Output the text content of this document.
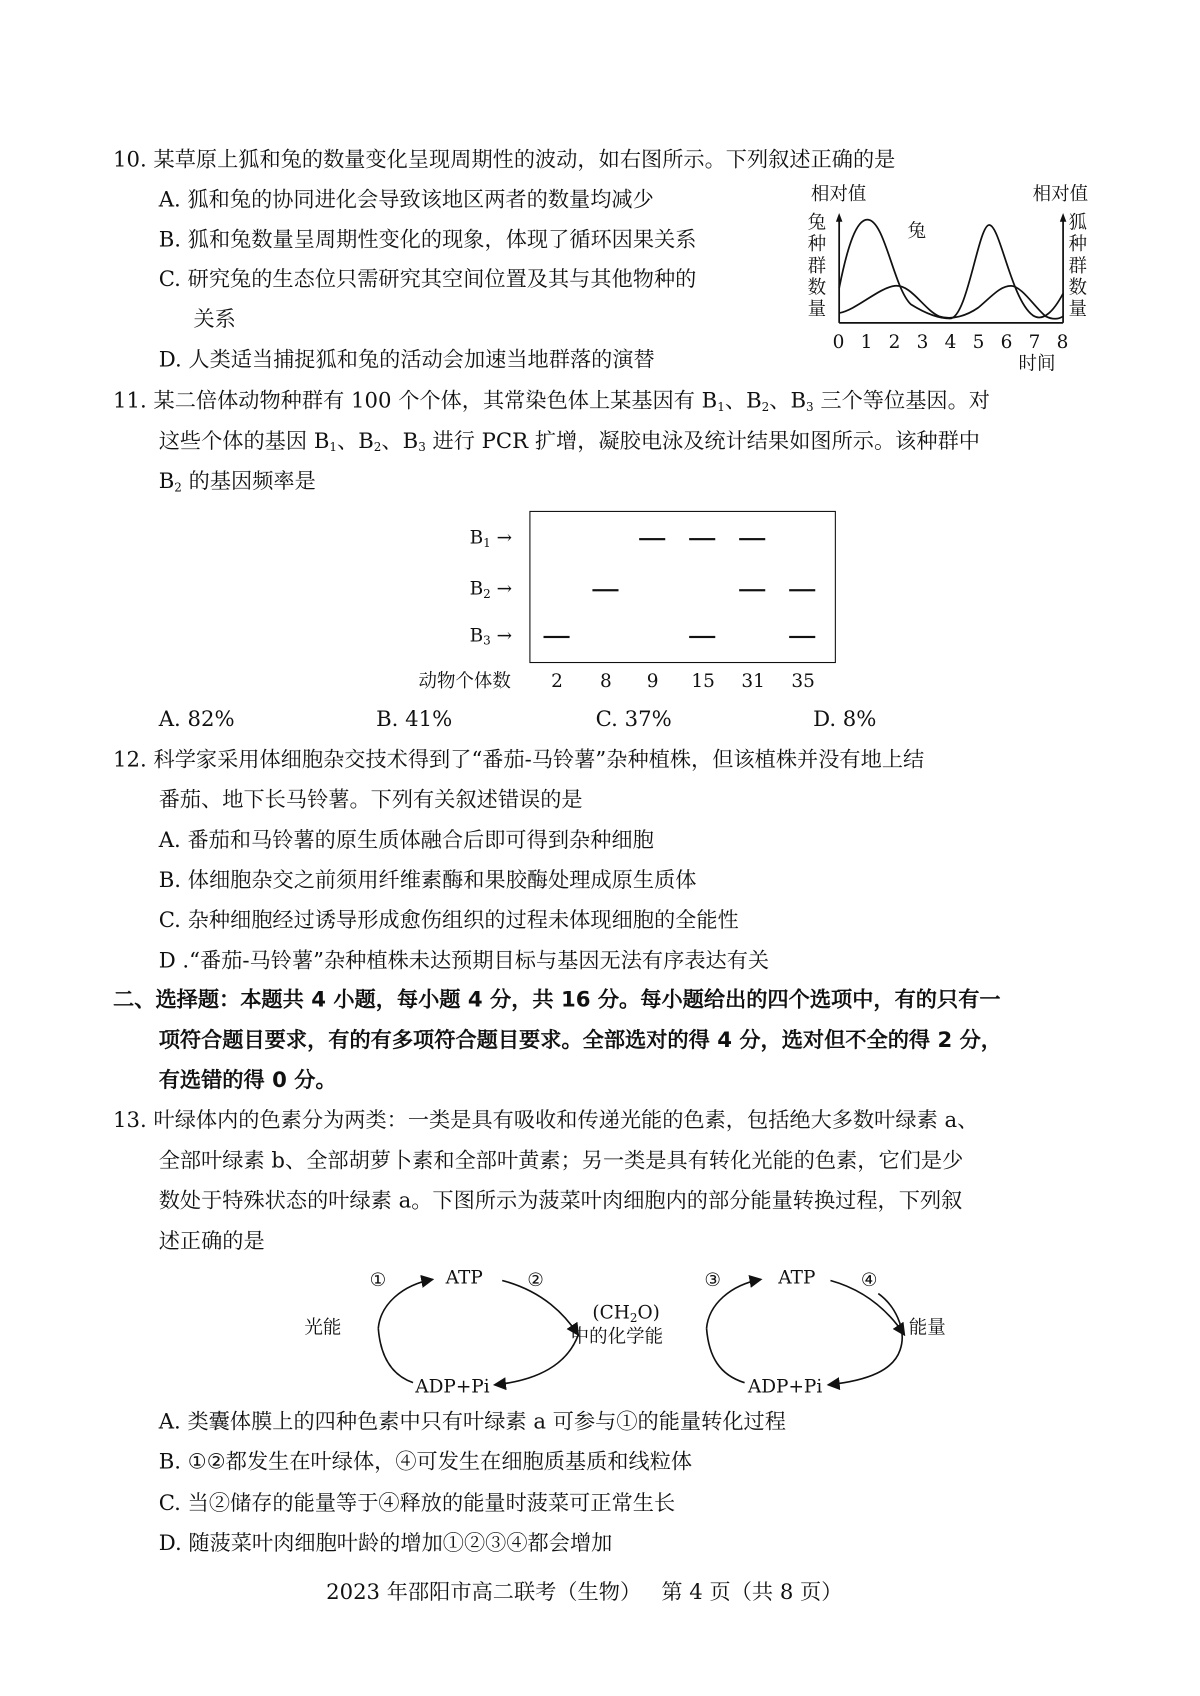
10. 某草原上狐和兔的数量变化呈现周期性的波动，如右图所示。下列叙述正确的是
A. 狐和兔的协同进化会导致该地区两者的数量均减少
B. 狐和兔数量呈周期性变化的现象，体现了循环因果关系
C. 研究兔的生态位只需研究其空间位置及其与其他物种的
关系
D. 人类适当捕捉狐和兔的活动会加速当地群落的演替
相对值	相对值
兔
种
群
数
量
狐
种
群
数
量
兔
0 1 2 3 4 5 6 7 8
时间
11. 某二倍体动物种群有 100 个个体，其常染色体上某基因有 $B_1$、$B_2$、$B_3$ 三个等位基因。对
这些个体的基因 $B_1$、$B_2$、$B_3$ 进行 PCR 扩增，凝胶电泳及统计结果如图所示。该种群中
$B_2$ 的基因频率是
$B_1$ →
$B_2$ →
$B_3$ →
动物个体数 2 8 9 15 31 35
A. 82%	B. 41%	C. 37%	D. 8%
12. 科学家采用体细胞杂交技术得到了“番茄-马铃薯”杂种植株，但该植株并没有地上结
番茄、地下长马铃薯。下列有关叙述错误的是
A. 番茄和马铃薯的原生质体融合后即可得到杂种细胞
B. 体细胞杂交之前须用纤维素酶和果胶酶处理成原生质体
C. 杂种细胞经过诱导形成愈伤组织的过程未体现细胞的全能性
D .“番茄-马铃薯”杂种植株未达预期目标与基因无法有序表达有关
二、选择题：本题共 4 小题，每小题 4 分，共 16 分。每小题给出的四个选项中，有的只有一
项符合题目要求，有的有多项符合题目要求。全部选对的得 4 分，选对但不全的得 2 分，
有选错的得 0 分。
13. 叶绿体内的色素分为两类：一类是具有吸收和传递光能的色素，包括绝大多数叶绿素 a、
全部叶绿素 b、全部胡萝卜素和全部叶黄素；另一类是具有转化光能的色素，它们是少
数处于特殊状态的叶绿素 a。下图所示为菠菜叶肉细胞内的部分能量转换过程，下列叙
述正确的是
光能
①	ATP	②
ADP+Pi
$(CH_2O)$
中的化学能
③	ATP	④
ADP+Pi
能量
A. 类囊体膜上的四种色素中只有叶绿素 a 可参与①的能量转化过程
B. ①②都发生在叶绿体，④可发生在细胞质基质和线粒体
C. 当②储存的能量等于④释放的能量时菠菜可正常生长
D. 随菠菜叶肉细胞叶龄的增加①②③④都会增加
2023 年邵阳市高二联考（生物）   第 4 页（共 8 页）
